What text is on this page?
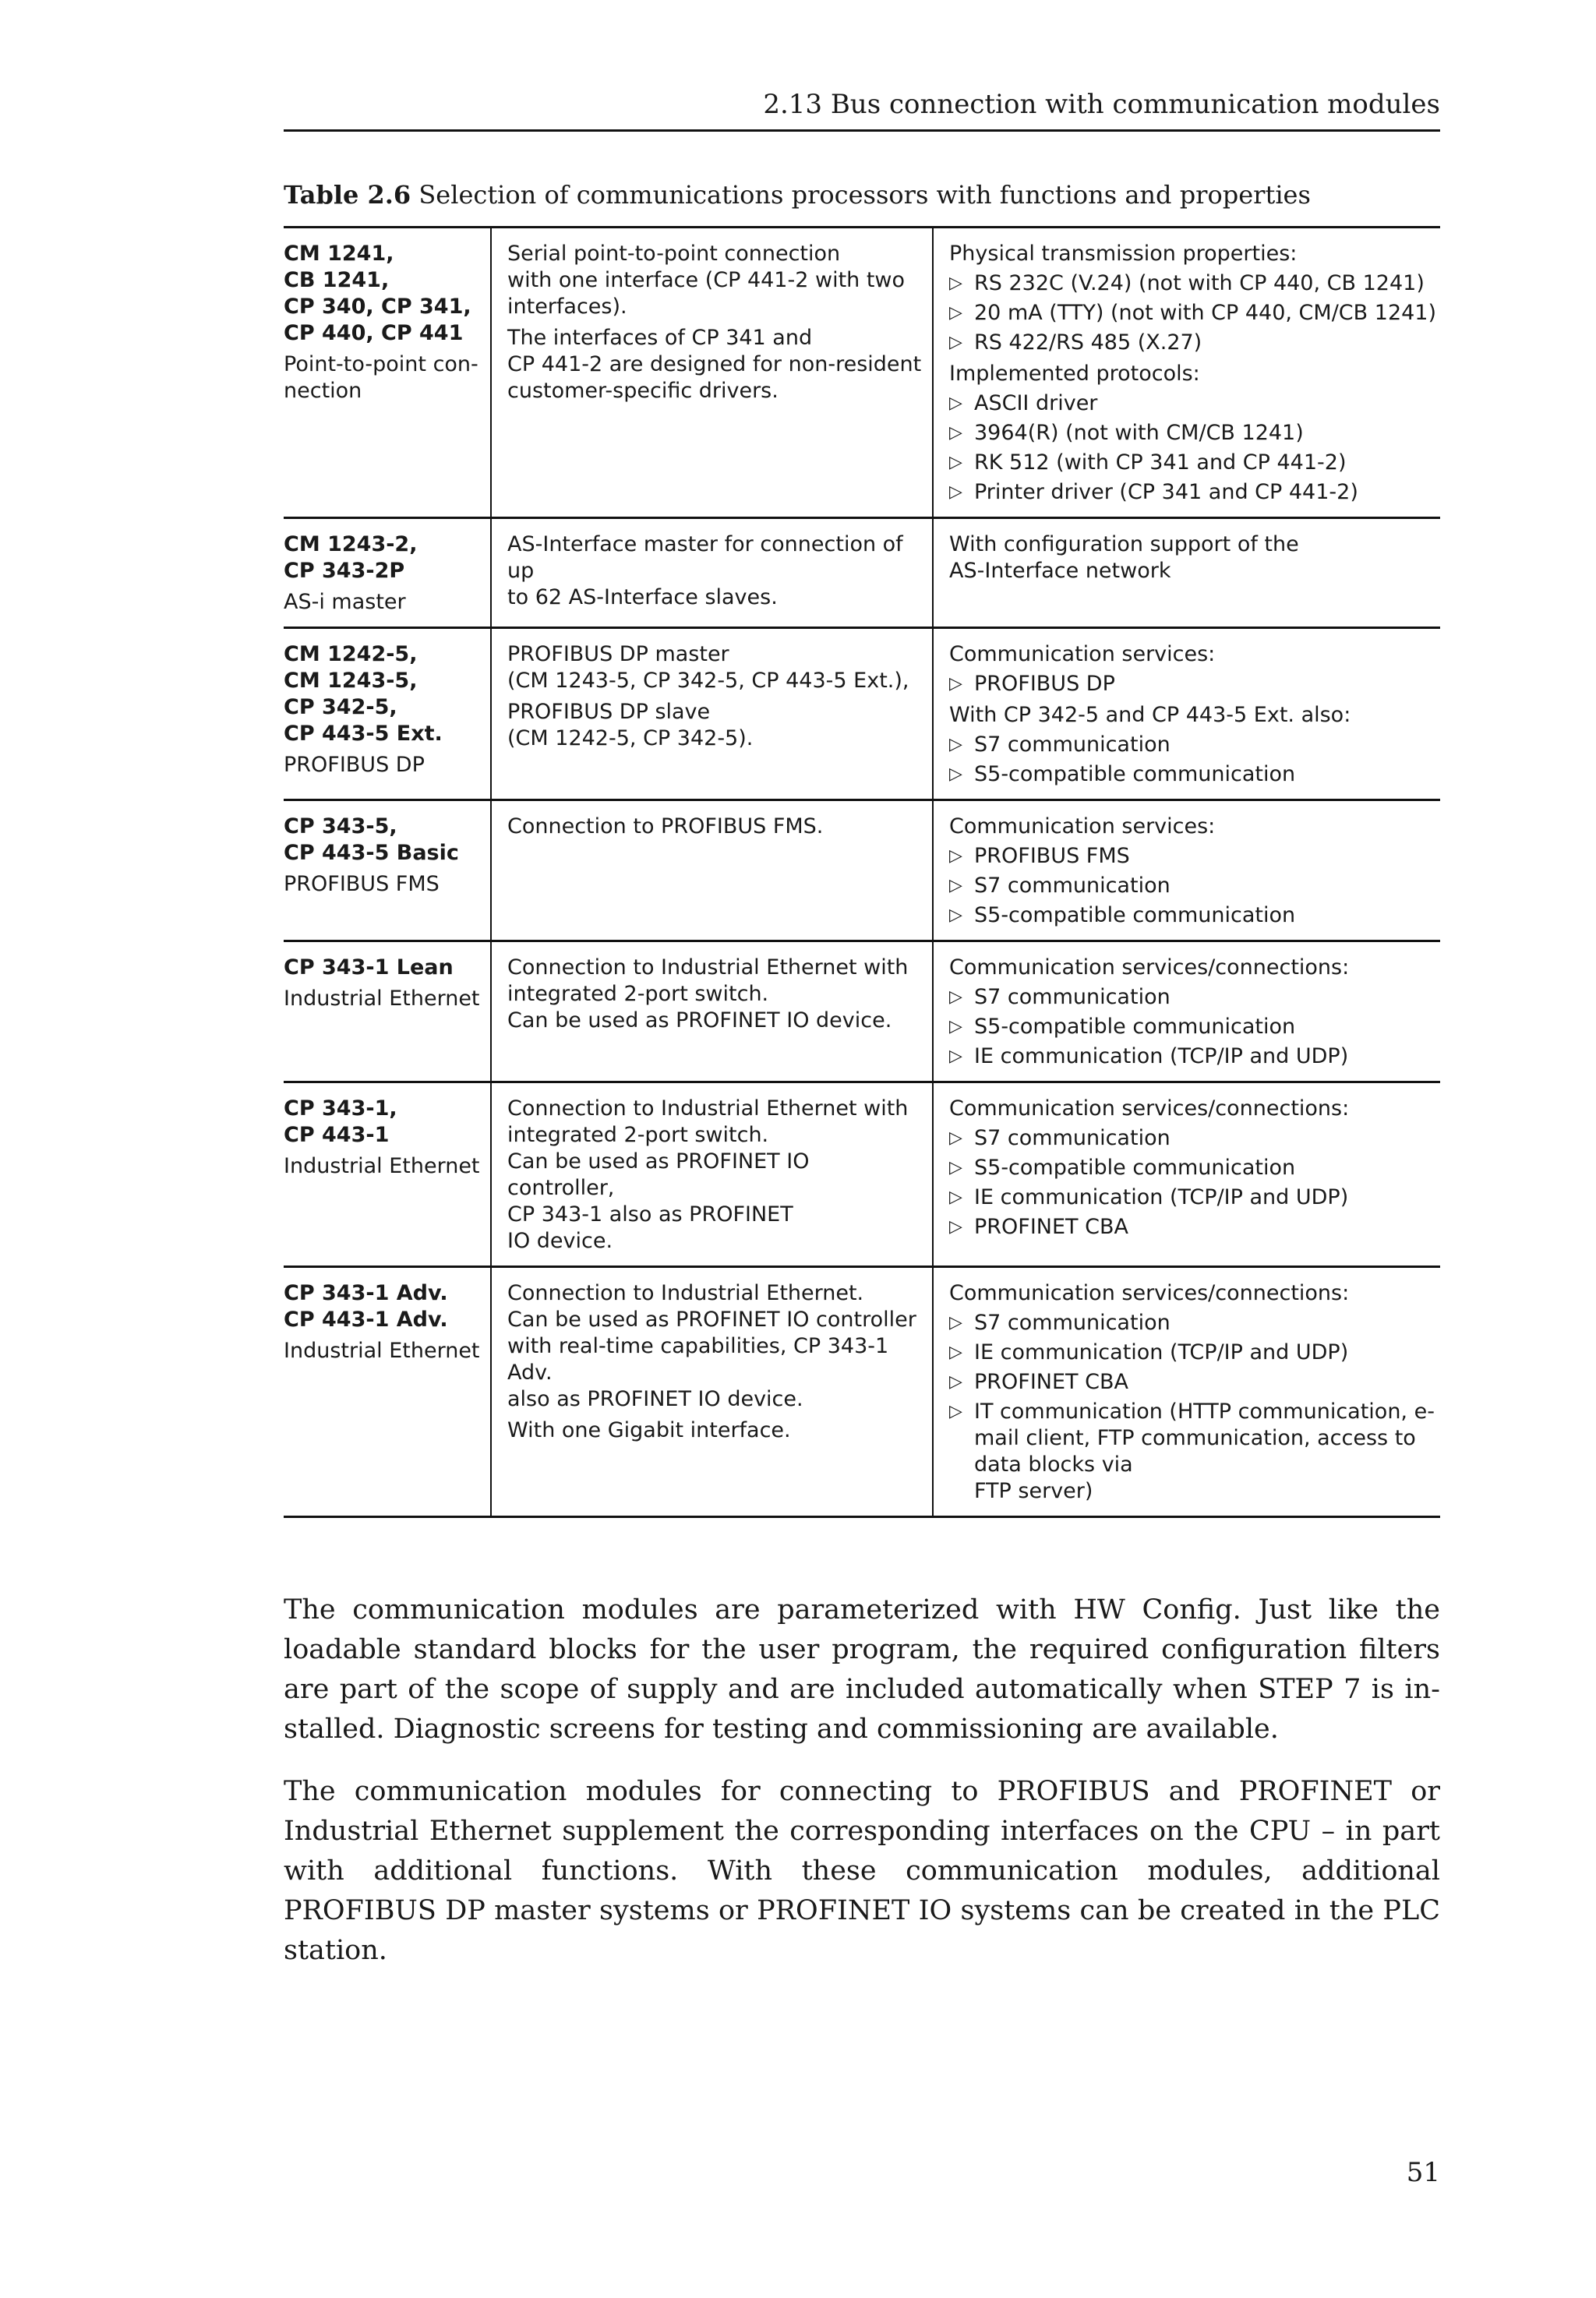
2.13 Bus connection with communication modules
Table 2.6 Selection of communications processors with functions and properties
CM 1241,
CB 1241,
CP 340, CP 341,
CP 440, CP 441
Point-to-point con-nection
Serial point-to-point connection
with one interface (CP 441-2 with two
interfaces).
The interfaces of CP 341 and
CP 441-2 are designed for non-resident
customer-specific drivers.
Physical transmission properties:
▷ RS 232C (V.24) (not with CP 440, CB 1241)
▷ 20 mA (TTY) (not with CP 440, CM/CB 1241)
▷ RS 422/RS 485 (X.27)
Implemented protocols:
▷ ASCII driver
▷ 3964(R) (not with CM/CB 1241)
▷ RK 512 (with CP 341 and CP 441-2)
▷ Printer driver (CP 341 and CP 441-2)
CM 1243-2,
CP 343-2P
AS-i master
AS-Interface master for connection of up
to 62 AS-Interface slaves.
With configuration support of the
AS-Interface network
CM 1242-5,
CM 1243-5,
CP 342-5,
CP 443-5 Ext.
PROFIBUS DP
PROFIBUS DP master
(CM 1243-5, CP 342-5, CP 443-5 Ext.),
PROFIBUS DP slave
(CM 1242-5, CP 342-5).
Communication services:
▷ PROFIBUS DP
With CP 342-5 and CP 443-5 Ext. also:
▷ S7 communication
▷ S5-compatible communication
CP 343-5,
CP 443-5 Basic
PROFIBUS FMS
Connection to PROFIBUS FMS.	Communication services:
▷ PROFIBUS FMS
▷ S7 communication
▷ S5-compatible communication
CP 343-1 Lean
Industrial Ethernet
Connection to Industrial Ethernet with
integrated 2-port switch.
Can be used as PROFINET IO device.
Communication services/connections:
▷ S7 communication
▷ S5-compatible communication
▷ IE communication (TCP/IP and UDP)
CP 343-1,
CP 443-1
Industrial Ethernet
Connection to Industrial Ethernet with
integrated 2-port switch.
Can be used as PROFINET IO controller,
CP 343-1 also as PROFINET
IO device.
Communication services/connections:
▷ S7 communication
▷ S5-compatible communication
▷ IE communication (TCP/IP and UDP)
▷ PROFINET CBA
CP 343-1 Adv.
CP 443-1 Adv.
Industrial Ethernet
Connection to Industrial Ethernet.
Can be used as PROFINET IO controller
with real-time capabilities, CP 343-1 Adv.
also as PROFINET IO device.
With one Gigabit interface.
Communication services/connections:
▷ S7 communication
▷ IE communication (TCP/IP and UDP)
▷ PROFINET CBA
▷ IT communication (HTTP communication, e-
mail client, FTP communication, access to
data blocks via
FTP server)
The communication modules are parameterized with HW Config. Just like the loadable standard blocks for the user program, the required configuration filters are part of the scope of supply and are included automatically when STEP 7 is installed. Diagnostic screens for testing and commissioning are available.
The communication modules for connecting to PROFIBUS and PROFINET or Industrial Ethernet supplement the corresponding interfaces on the CPU – in part with additional functions. With these communication modules, additional PROFIBUS DP master systems or PROFINET IO systems can be created in the PLC station.
51
